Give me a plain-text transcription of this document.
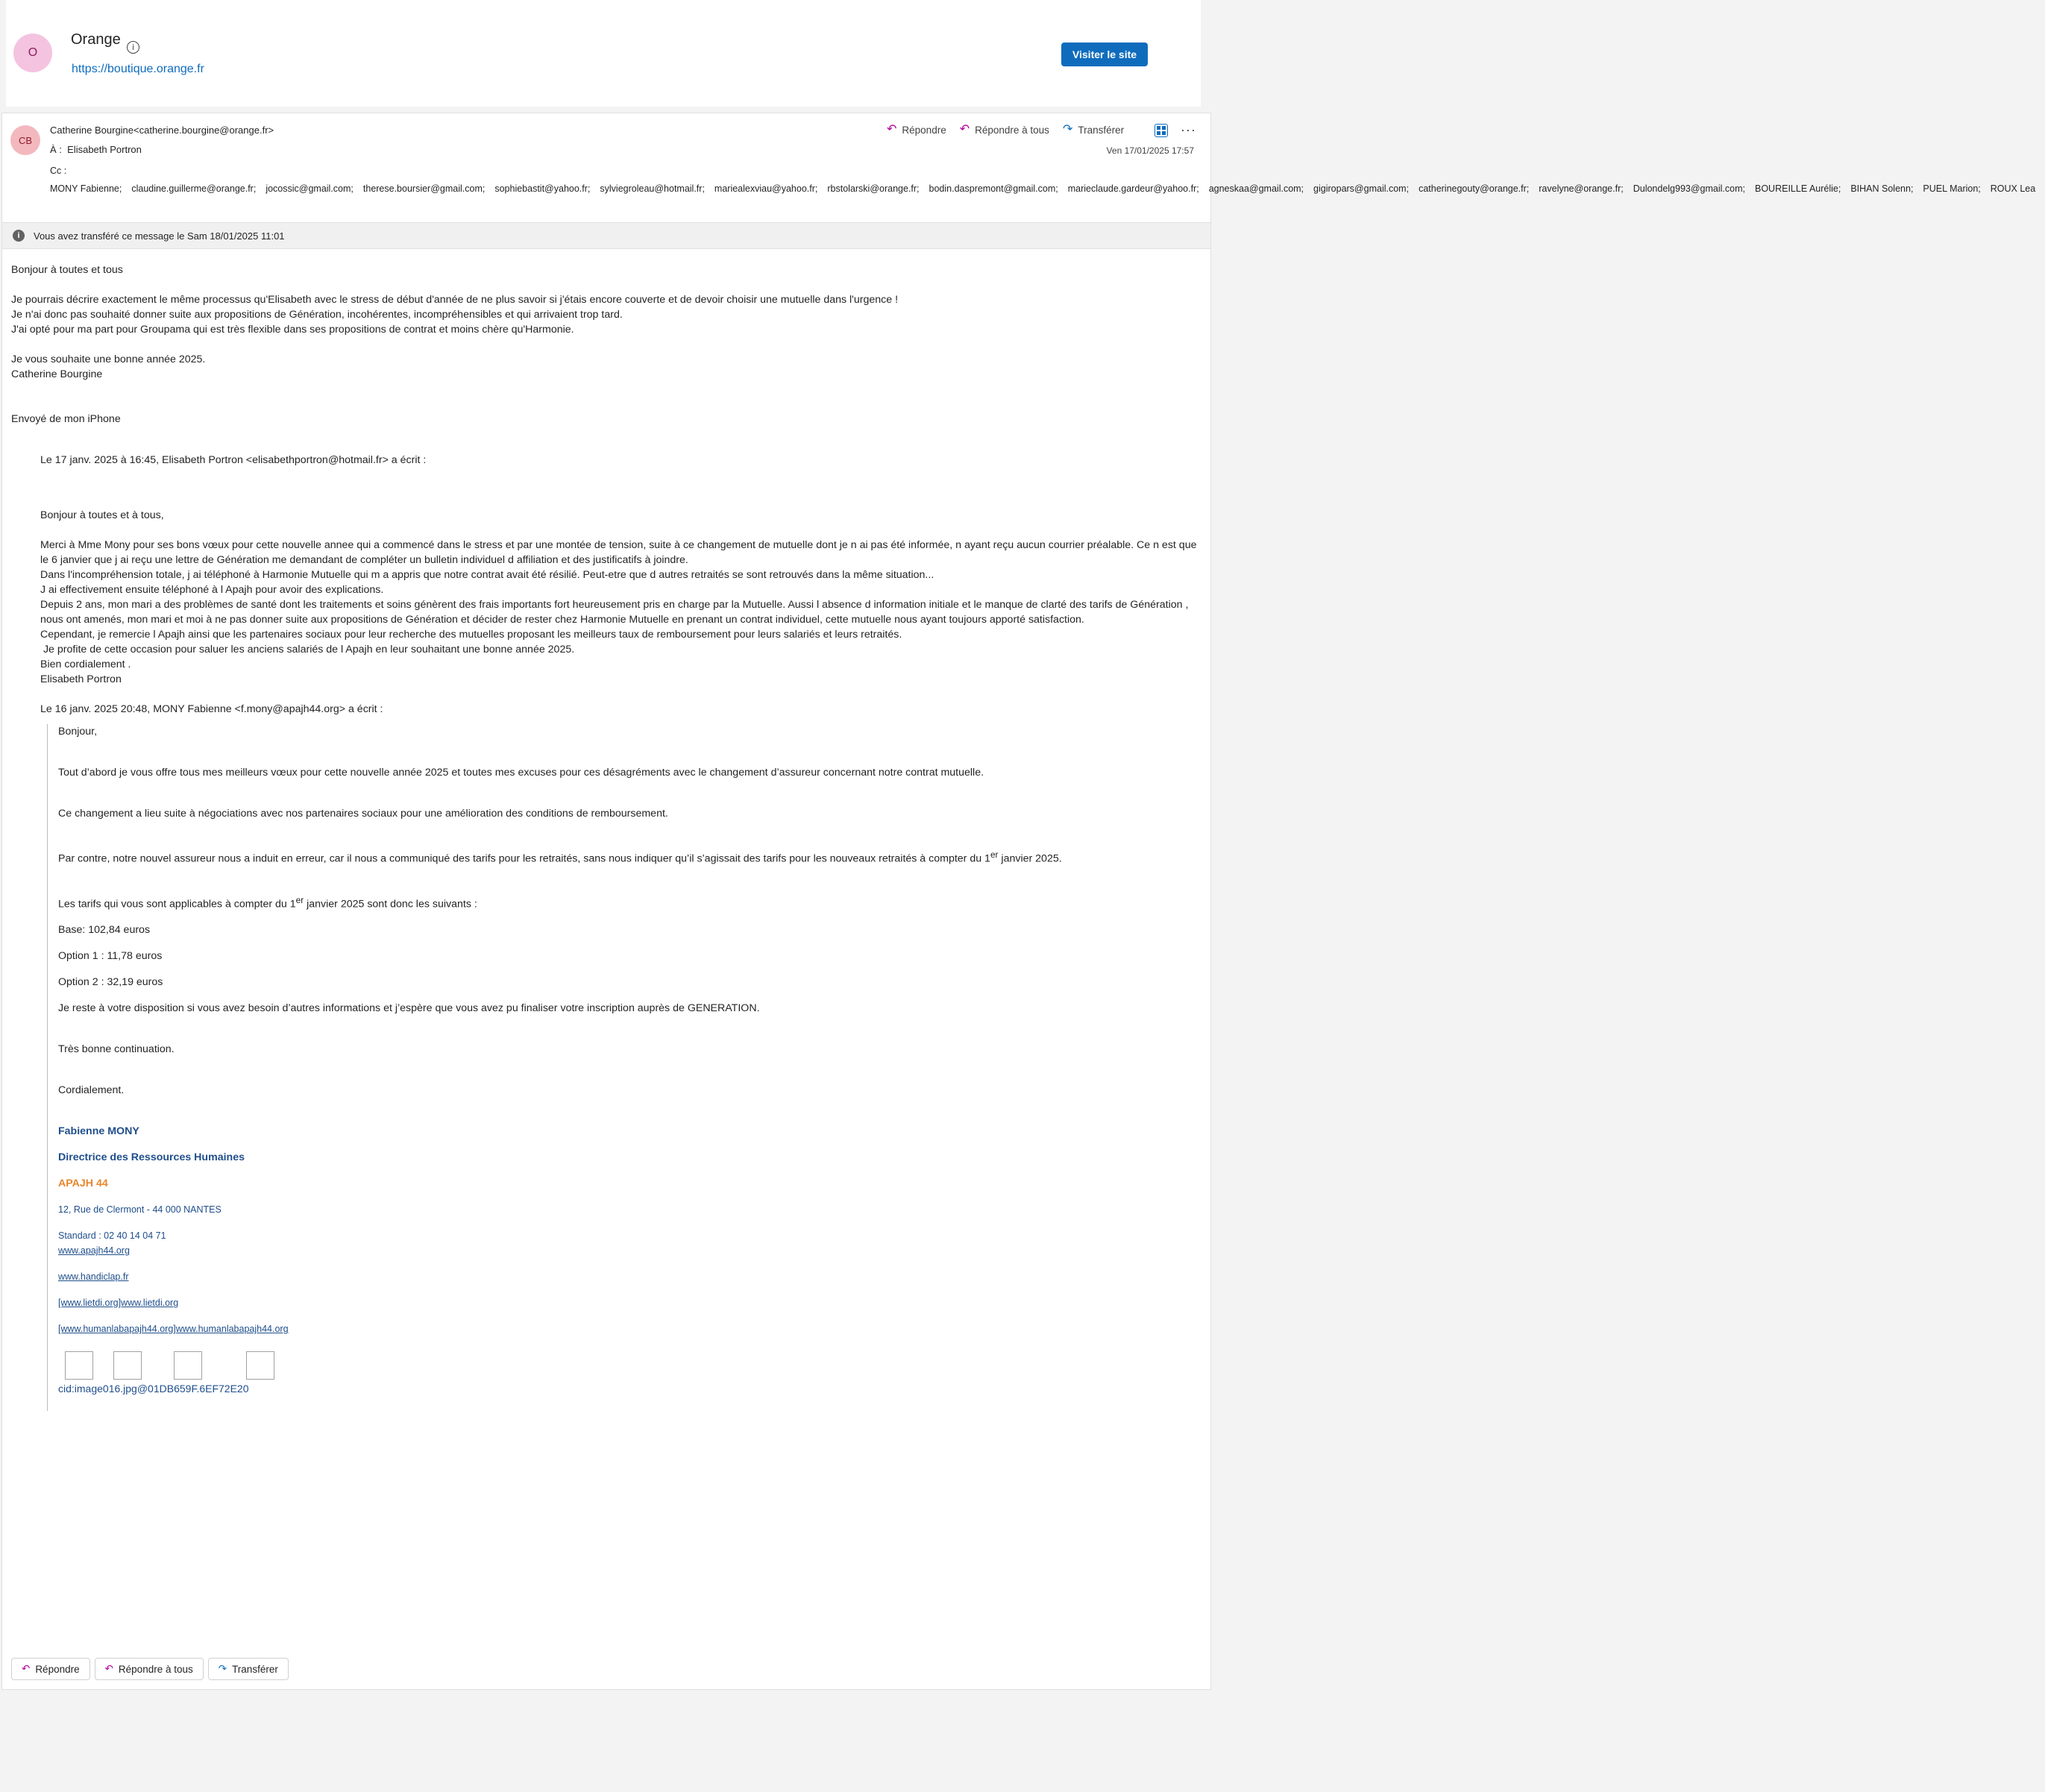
O
Orange	i
https://boutique.orange.fr
Visiter le site
CB
Catherine Bourgine<catherine.bourgine@orange.fr>
À : Elisabeth Portron
Cc : MONY Fabienne; claudine.guillerme@orange.fr; jocossic@gmail.com; therese.boursier@gmail.com; sophiebastit@yahoo.fr; sylviegroleau@hotmail.fr; mariealexviau@yahoo.fr; rbstolarski@orange.fr; bodin.daspremont@gmail.com; marieclaude.gardeur@yahoo.fr; agneskaa@gmail.com; gigiropars@gmail.com; catherinegouty@orange.fr; ravelyne@orange.fr; Dulondelg993@gmail.com; BOUREILLE Aurélie; BIHAN Solenn; PUEL Marion; ROUX Lea
↶ Répondre ↶ Répondre à tous ↷ Transférer	···
Ven 17/01/2025 17:57
i	Vous avez transféré ce message le Sam 18/01/2025 11:01

Bonjour à toutes et tous

Je pourrais décrire exactement le même processus qu'Elisabeth avec le stress de début d'année de ne plus savoir si j'étais encore couverte et de devoir choisir une mutuelle dans l'urgence !

Je n'ai donc pas souhaité donner suite aux propositions de Génération, incohérentes, incompréhensibles et qui arrivaient trop tard.

J'ai opté pour ma part pour Groupama qui est très flexible dans ses propositions de contrat et moins chère qu'Harmonie.

Je vous souhaite une bonne année 2025.

Catherine Bourgine

Envoyé de mon iPhone

Le 17 janv. 2025 à 16:45, Elisabeth Portron <elisabethportron@hotmail.fr> a écrit :

Bonjour à toutes et à tous,

Merci à Mme Mony pour ses bons vœux pour cette nouvelle annee qui a commencé dans le stress et par une montée de tension, suite à ce changement de mutuelle dont je n ai pas été informée, n ayant reçu aucun courrier préalable. Ce n est que le 6 janvier que j ai reçu une lettre de Génération me demandant de compléter un bulletin individuel d affiliation et des justificatifs à joindre.

Dans l'incompréhension totale, j ai téléphoné à Harmonie Mutuelle qui m a appris que notre contrat avait été résilié. Peut-etre que d autres retraités se sont retrouvés dans la même situation...

J ai effectivement ensuite téléphoné à l Apajh pour avoir des explications.

Depuis 2 ans, mon mari a des problèmes de santé dont les traitements et soins génèrent des frais importants fort heureusement pris en charge par la Mutuelle. Aussi l absence d information initiale et le manque de clarté des tarifs de Génération , nous ont amenés, mon mari et moi à ne pas donner suite aux propositions de Génération et décider de rester chez Harmonie Mutuelle en prenant un contrat individuel, cette mutuelle nous ayant toujours apporté satisfaction.

Cependant, je remercie l Apajh ainsi que les partenaires sociaux pour leur recherche des mutuelles proposant les meilleurs taux de remboursement pour leurs salariés et leurs retraités.

Je profite de cette occasion pour saluer les anciens salariés de l Apajh en leur souhaitant une bonne année 2025.

Bien cordialement .

Elisabeth Portron

Le 16 janv. 2025 20:48, MONY Fabienne <f.mony@apajh44.org> a écrit :

Bonjour,

Tout d’abord je vous offre tous mes meilleurs vœux pour cette nouvelle année 2025 et toutes mes excuses pour ces désagréments avec le changement d’assureur concernant notre contrat mutuelle.

Ce changement a lieu suite à négociations avec nos partenaires sociaux pour une amélioration des conditions de remboursement.

Par contre, notre nouvel assureur nous a induit en erreur, car il nous a communiqué des tarifs pour les retraités, sans nous indiquer qu’il s’agissait des tarifs pour les nouveaux retraités à compter du 1er janvier 2025.

Les tarifs qui vous sont applicables à compter du 1er janvier 2025 sont donc les suivants :

Base: 102,84 euros

Option 1 : 11,78 euros

Option 2 : 32,19 euros

Je reste à votre disposition si vous avez besoin d’autres informations et j’espère que vous avez pu finaliser votre inscription auprès de GENERATION.

Très bonne continuation.

Cordialement.

Fabienne MONY

Directrice des Ressources Humaines

APAJH 44

12, Rue de Clermont - 44 000 NANTES

Standard : 02 40 14 04 71

www.apajh44.org

www.handiclap.fr

[www.lietdi.org]www.lietdi.org

[www.humanlabapajh44.org]www.humanlabapajh44.org

cid:image016.jpg@01DB659F.6EF72E20

↶ Répondre	↶ Répondre à tous	↷ Transférer
